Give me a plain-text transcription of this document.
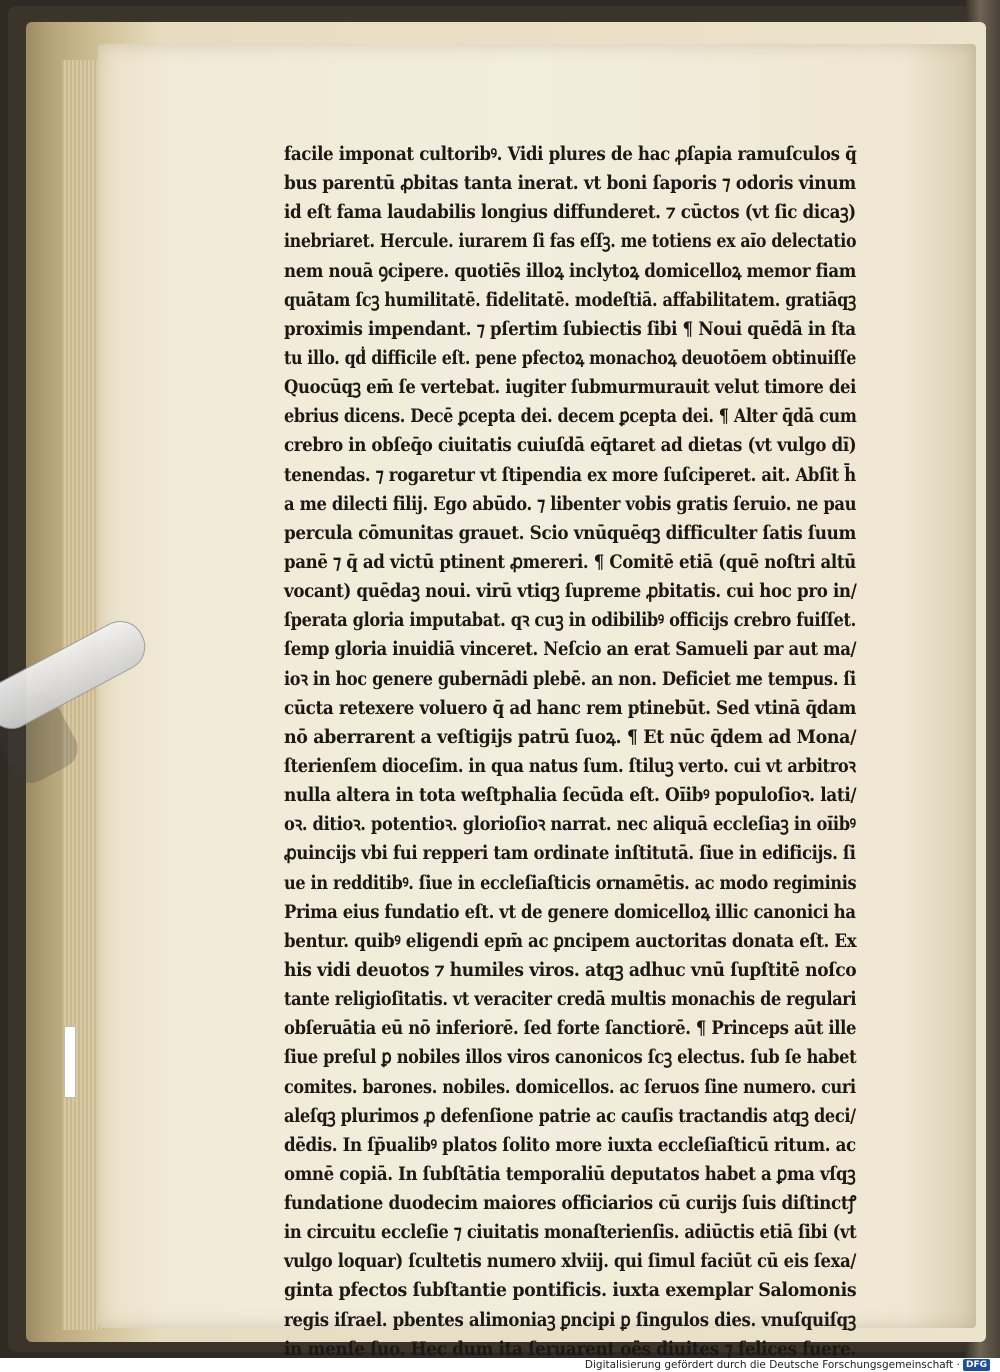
facile imponat cultoribꝰ. Vidi plures de hac ꝓſapia ramuſculos q̄
bus parentū ꝓbitas tanta inerat. vt boni ſaporis ⁊ odoris vinum
id eſt fama laudabilis longius diffunderet. ⁊ cūctos (vt ſic dicaꝫ)
inebriaret. Hercule. iurarem ſi fas eſſꝫ. me totiens ex aı̄o delectatio
nem nouā ꝯcipere. quotiēs illoꝝ inclytoꝝ domicelloꝝ memor fiam
quātam ſcꝫ humilitatē. fidelitatē. modeſtiā. affabilitatem. gratiāqꝫ
proximis impendant. ⁊ pſertim ſubiectis ſibi ¶ Noui quēdā in ſta
tu illo. qḋ difficile eſt. pene pfectoꝝ monachoꝝ deuotōem obtinuiſſe
Quocūqꝫ em̄ ſe vertebat. iugiter ſubmurmurauit velut timore dei
ebrius dicens. Decē ꝑcepta dei. decem ꝑcepta dei. ¶ Alter q̄dā cum
crebro in obſeq̄o ciuitatis cuiuſdā eq̄taret ad dietas (vt vulgo dı̄)
tenendas. ⁊ rogaretur vt ſtipendia ex more ſuſciperet. ait. Abſit h̄
a me dilecti filij. Ego abūdo. ⁊ libenter vobis gratis ſeruio. ne pau
percula cōmunitas grauet. Scio vnūquēqꝫ difficulter ſatis ſuum
panē ⁊ q̄ ad victū ptinent ꝓmereri. ¶ Comitē etiā (quē noſtri altū
vocant) quēdaꝫ noui. virū vtiqꝫ ſupreme ꝓbitatis. cui hoc pro in/
ſperata gloria imputabat. qꝛ cuꝫ in odibilibꝰ officijs crebro fuiſſet.
ſemp gloria inuidiā vinceret. Neſcio an erat Samueli par aut ma/
ioꝛ in hoc genere gubernādi plebē. an non. Deficiet me tempus. ſi
cūcta retexere voluero q̄ ad hanc rem ptinebūt. Sed vtinā q̄dam
nō aberrarent a veſtigijs patrū ſuoꝝ. ¶ Et nūc q̄dem ad Mona/
ſterienſem dioceſim. in qua natus ſum. ſtiluꝫ verto. cui vt arbitroꝛ
nulla altera in tota weſtphalia ſecūda eſt. Oı̄ibꝰ populoſioꝛ. lati/
oꝛ. ditioꝛ. potentioꝛ. glorioſioꝛ narrat. nec aliquā eccleſiaꝫ in oı̄ibꝰ
ꝓuincijs vbi fui repperi tam ordinate inſtitutā. ſiue in edificijs. ſi
ue in redditibꝰ. ſiue in eccleſiaſticis ornamētis. ac modo regiminis
Prima eius fundatio eſt. vt de genere domicelloꝝ illic canonici ha
bentur. quibꝰ eligendi epm̄ ac ꝑncipem auctoritas donata eſt. Ex
his vidi deuotos ⁊ humiles viros. atqꝫ adhuc vnū ſupſtitē noſco
tante religioſitatis. vt veraciter credā multis monachis de regulari
obſeruātia eū nō inferiorē. ſed forte ſanctiorē. ¶ Princeps aūt ille
ſiue preſul ꝑ nobiles illos viros canonicos ſcꝫ electus. ſub ſe habet
comites. barones. nobiles. domicellos. ac ſeruos ſine numero. curi
aleſqꝫ plurimos ꝓ defenſione patrie ac cauſis tractandis atqꝫ deci/
dēdis. In ſp̄ualibꝰ platos ſolito more iuxta eccleſiaſticū ritum. ac
omnē copiā. In ſubſtātia temporaliū deputatos habet a ꝑma vſqꝫ
fundatione duodecim maiores officiarios cū curijs ſuis diſtinctꝭ
in circuitu eccleſie ⁊ ciuitatis monaſterienſis. adiūctis etiā ſibi (vt
vulgo loquar) ſcultetis numero xlviij. qui ſimul faciūt cū eis ſexa/
ginta pfectos ſubſtantie pontificis. iuxta exemplar Salomonis
regis iſrael. pbentes alimoniaꝫ ꝑncipi ꝑ ſingulos dies. vnuſquiſqꝫ
in menſe ſuo. Hec dum ita ſeruarent oēs diuites ⁊ felices fuere.
Digitalisierung gefördert durch die Deutsche Forschungsgemeinschaft · DFG
